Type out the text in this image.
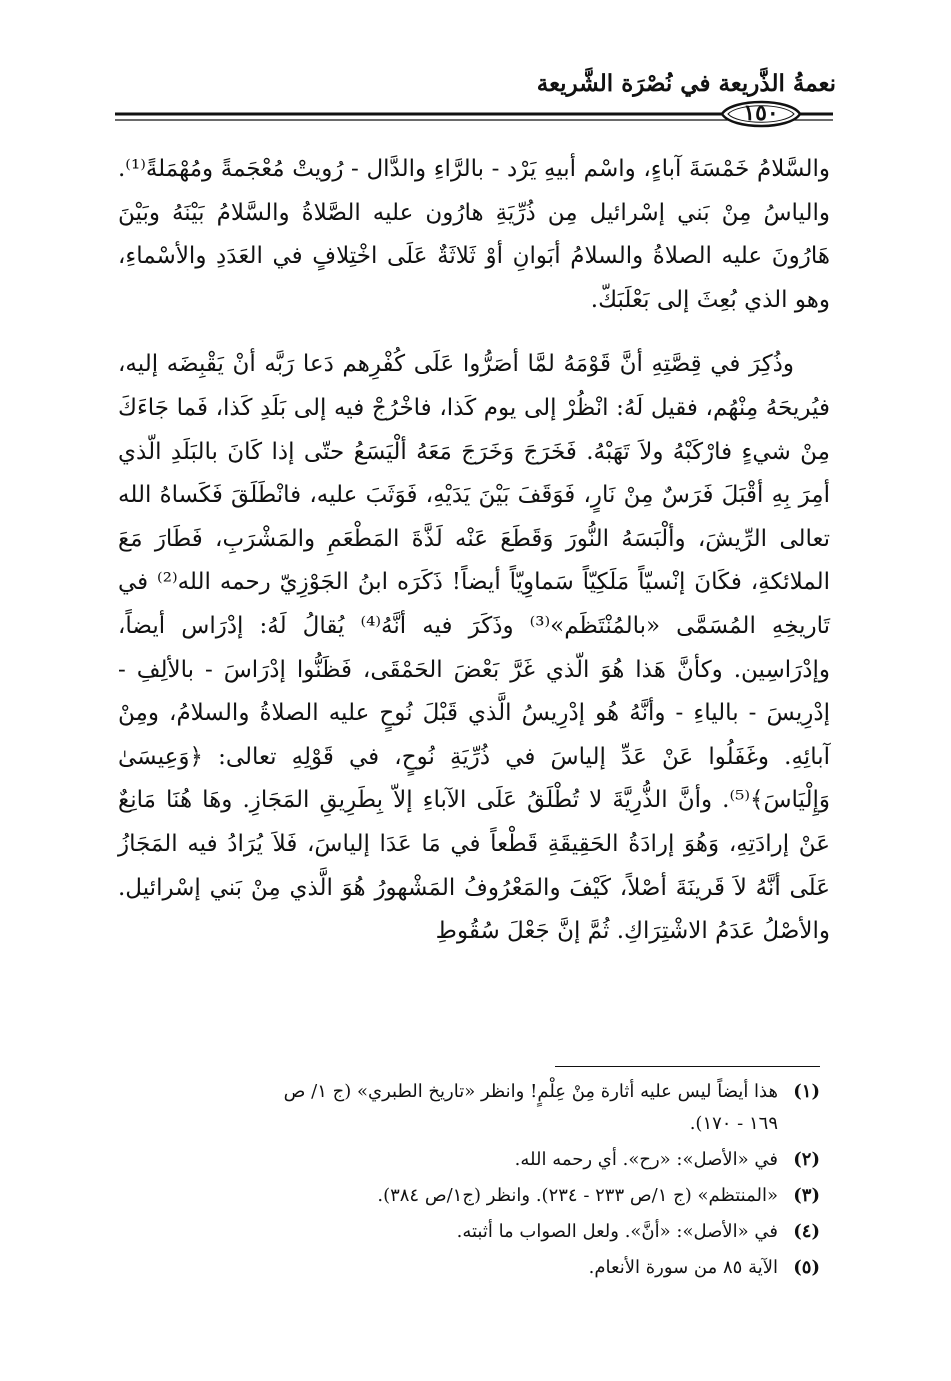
نعمةُ الذَّريعة في نُصْرَة الشَّريعة
١٥٠

والسَّلامُ خَمْسَةَ آباءٍ، واسْم أبيهِ يَرْد - بالرَّاءِ والدَّال - رُويتْ مُعْجَمةً ومُهْمَلةً⁽¹⁾. والياسُ مِنْ بَني إسْرائيل مِن ذُرِّيَةِ هارُون عليه الصَّلاةُ والسَّلامُ بَيْنَهُ وبَيْنَ هَارُونَ عليه الصلاةُ والسلامُ أبَوانِ أوْ ثَلاثَةٌ عَلَى اخْتِلافٍ في العَدَدِ والأسْماءِ، وهو الذي بُعِثَ إلى بَعْلَبَكّ.

وذُكِرَ في قِصَّتِهِ أنَّ قَوْمَهُ لمَّا أصَرُّوا عَلَى كُفْرِهم دَعا رَبَّه أنْ يَقْبِضَه إليه، فيُريحَهُ مِنْهُم، فقيل لَهُ: انْظُرْ إلى يوم كَذا، فاخْرُجْ فيه إلى بَلَدِ كَذا، فَما جَاءَكَ مِنْ شيءٍ فارْكَبْهُ ولاَ تَهَبْهُ. فَخَرَجَ وَخَرَجَ مَعَهُ ألْيَسَعُ حتّى إذا كَانَ بالبَلَدِ الّذي أمِرَ بِهِ أقْبَلَ فَرَسٌ مِنْ نَارٍ، فَوَقَفَ بَيْنَ يَدَيْهِ، فَوَثَبَ عليه، فانْطَلَقَ فَكَساهُ الله تعالى الرِّيشَ، وألْبَسَهُ النُّورَ وَقَطَعَ عَنْه لَذَّةَ المَطْعَمِ والمَشْرَبِ، فَطَارَ مَعَ الملائكةِ، فكَانَ إنْسيّاً مَلَكِيّاً سَماوِيّاً أيضاً! ذَكَرَه ابنُ الجَوْزِيّ رحمه الله⁽²⁾ في تَاريخِهِ المُسَمَّى «بالمُنْتَظَم»⁽³⁾ وذَكَرَ فيه أنَّهُ⁽⁴⁾ يُقالُ لَهُ: إدْرَاس أيضاً، وإدْرَاسِين. وكأنَّ هَذا هُوَ الّذي غَرَّ بَعْضَ الحَمْقَى، فَظَنُّوا إدْرَاسَ - بالألِفِ - إدْرِيسَ - بالياءِ - وأنَّهُ هُو إدْرِيسُ الَّذي قَبْلَ نُوحٍ عليه الصلاةُ والسلامُ، ومِنْ آبائِهِ. وغَفَلُوا عَنْ عَدِّ إلياسَ في ذُرِّيَةِ نُوحٍ، في قَوْلِهِ تعالى: ﴿وَعِيسَىٰ وَإِلْيَاسَ﴾⁽⁵⁾. وأنَّ الذُّرِيَّةَ لا تُطْلَقُ عَلَى الآباءِ إلاّ بِطَرِيقِ المَجَازِ. وهَا هُنَا مَانِعٌ عَنْ إرادَتِهِ، وَهُوَ إرادَةُ الحَقِيقَةِ قَطْعاً في مَا عَدَا إلياسَ، فَلاَ يُرَادُ فيه المَجَازُ عَلَى أنَّهُ لاَ قَرينَةَ أصْلاً، كَيْفَ والمَعْرُوفُ المَشْهورُ هُوَ الَّذي مِنْ بَني إسْرائيل. والأصْلُ عَدَمُ الاشْتِرَاكِ. ثُمَّ إنَّ جَعْلَ سُقُوطِ

(١)
هذا أيضاً ليس عليه أثارة مِنْ عِلْمٍ! وانظر «تاريخ الطبري» (ج ١/ ص ١٦٩ - ١٧٠).
(٢)
في «الأصل»: «رح». أي رحمه الله.
(٣)
«المنتظم» (ج ١/ص ٢٣٣ - ٢٣٤). وانظر (ج١/ص ٣٨٤).
(٤)
في «الأصل»: «أنَّ». ولعل الصواب ما أثبته.
(٥)
الآية ٨٥ من سورة الأنعام.
